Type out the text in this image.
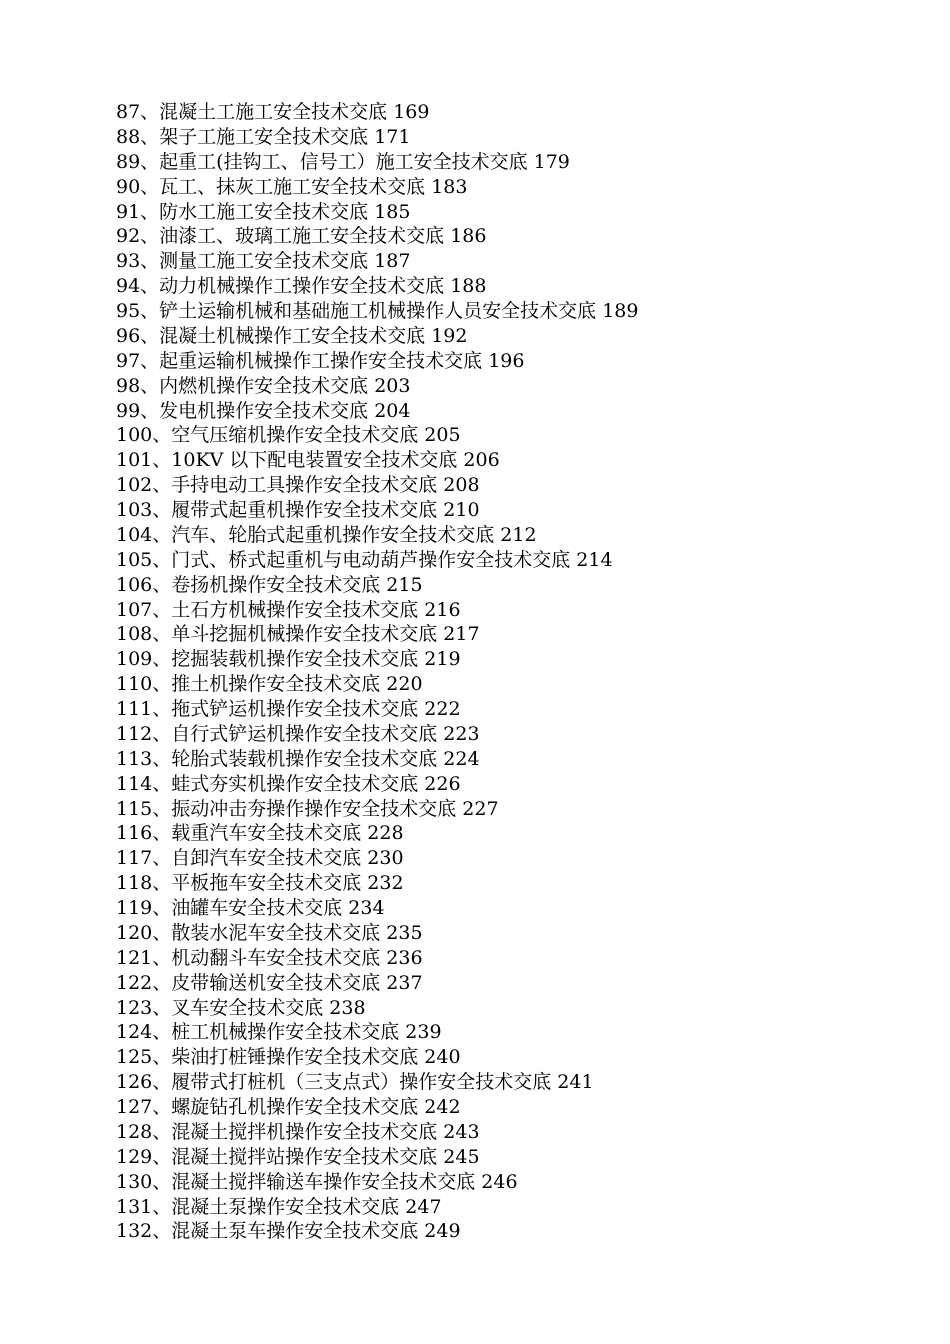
87、混凝土工施工安全技术交底 169
88、架子工施工安全技术交底 171
89、起重工(挂钩工、信号工）施工安全技术交底 179
90、瓦工、抹灰工施工安全技术交底 183
91、防水工施工安全技术交底 185
92、油漆工、玻璃工施工安全技术交底 186
93、测量工施工安全技术交底 187
94、动力机械操作工操作安全技术交底 188
95、铲土运输机械和基础施工机械操作人员安全技术交底 189
96、混凝土机械操作工安全技术交底 192
97、起重运输机械操作工操作安全技术交底 196
98、内燃机操作安全技术交底 203
99、发电机操作安全技术交底 204
100、空气压缩机操作安全技术交底 205
101、10KV 以下配电装置安全技术交底 206
102、手持电动工具操作安全技术交底 208
103、履带式起重机操作安全技术交底 210
104、汽车、轮胎式起重机操作安全技术交底 212
105、门式、桥式起重机与电动葫芦操作安全技术交底 214
106、卷扬机操作安全技术交底 215
107、土石方机械操作安全技术交底 216
108、单斗挖掘机械操作安全技术交底 217
109、挖掘装载机操作安全技术交底 219
110、推土机操作安全技术交底 220
111、拖式铲运机操作安全技术交底 222
112、自行式铲运机操作安全技术交底 223
113、轮胎式装载机操作安全技术交底 224
114、蛙式夯实机操作安全技术交底 226
115、振动冲击夯操作操作安全技术交底 227
116、载重汽车安全技术交底 228
117、自卸汽车安全技术交底 230
118、平板拖车安全技术交底 232
119、油罐车安全技术交底 234
120、散装水泥车安全技术交底 235
121、机动翻斗车安全技术交底 236
122、皮带输送机安全技术交底 237
123、叉车安全技术交底 238
124、桩工机械操作安全技术交底 239
125、柴油打桩锤操作安全技术交底 240
126、履带式打桩机（三支点式）操作安全技术交底 241
127、螺旋钻孔机操作安全技术交底 242
128、混凝土搅拌机操作安全技术交底 243
129、混凝土搅拌站操作安全技术交底 245
130、混凝土搅拌输送车操作安全技术交底 246
131、混凝土泵操作安全技术交底 247
132、混凝土泵车操作安全技术交底 249
